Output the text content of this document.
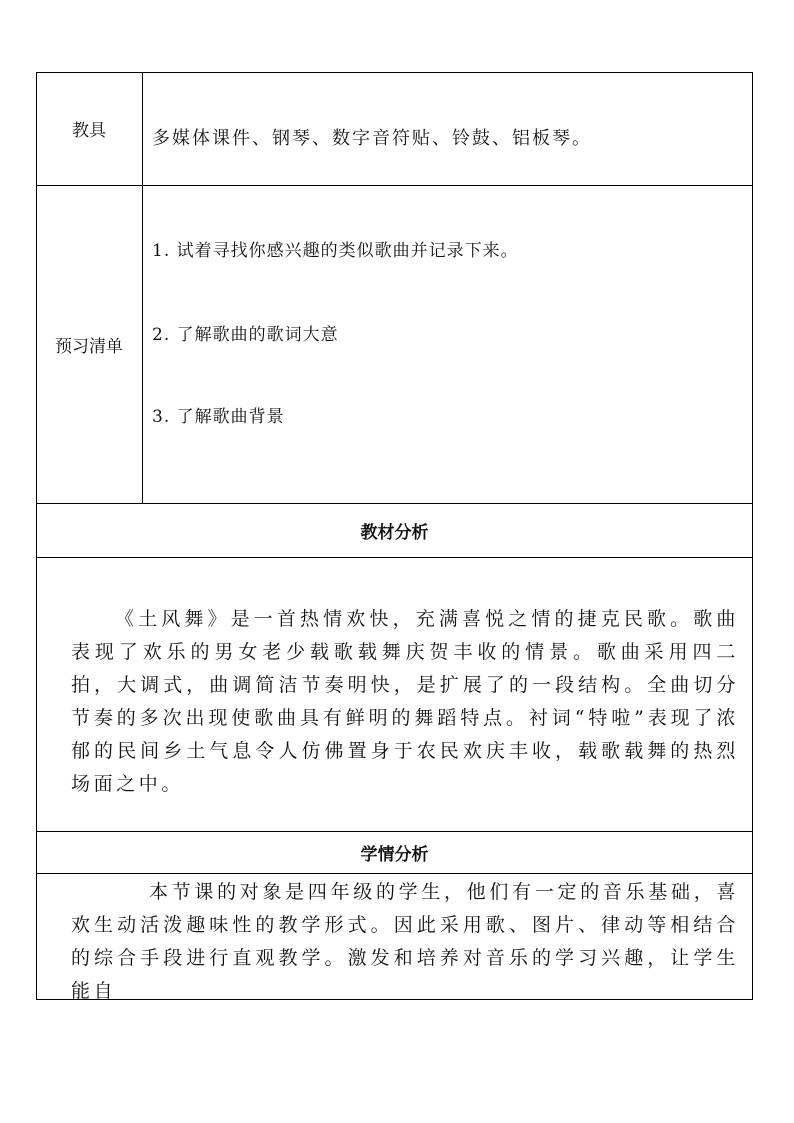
教具	多媒体课件、钢琴、数字音符贴、铃鼓、铝板琴。
预习清单
1. 试着寻找你感兴趣的类似歌曲并记录下来。
2. 了解歌曲的歌词大意
3. 了解歌曲背景
教材分析
《土风舞》是一首热情欢快，充满喜悦之情的捷克民歌。歌曲表现了欢乐的男女老少载歌载舞庆贺丰收的情景。歌曲采用四二拍，大调式，曲调简洁节奏明快，是扩展了的一段结构。全曲切分节奏的多次出现使歌曲具有鲜明的舞蹈特点。衬词“特啦”表现了浓郁的民间乡土气息令人仿佛置身于农民欢庆丰收，载歌载舞的热烈场面之中。
学情分析
本节课的对象是四年级的学生，他们有一定的音乐基础，喜欢生动活泼趣味性的教学形式。因此采用歌、图片、律动等相结合的综合手段进行直观教学。激发和培养对音乐的学习兴趣，让学生能自
